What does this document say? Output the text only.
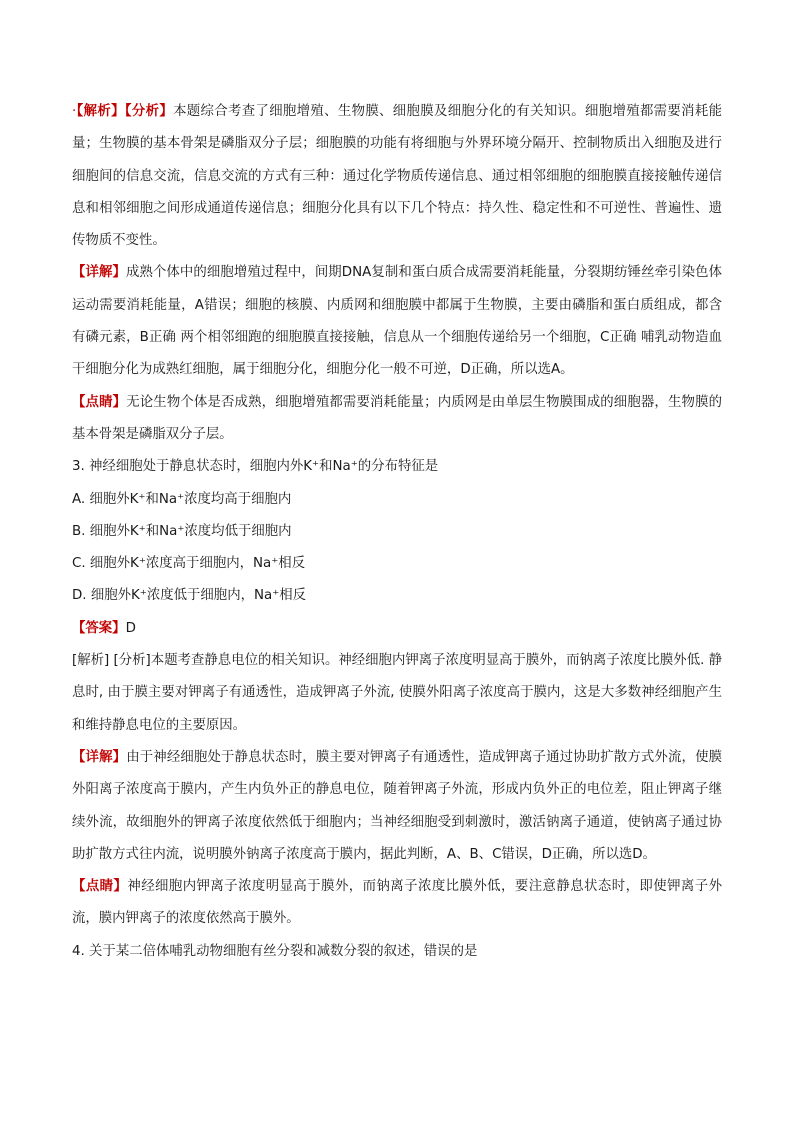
·【解析】【分析】本题综合考查了细胞增殖、生物膜、细胞膜及细胞分化的有关知识。细胞增殖都需要消耗能量；生物膜的基本骨架是磷脂双分子层；细胞膜的功能有将细胞与外界环境分隔开、控制物质出入细胞及进行细胞间的信息交流，信息交流的方式有三种：通过化学物质传递信息、通过相邻细胞的细胞膜直接接触传递信息和相邻细胞之间形成通道传递信息；细胞分化具有以下几个特点：持久性、稳定性和不可逆性、普遍性、遗传物质不变性。

【详解】成熟个体中的细胞增殖过程中，间期DNA复制和蛋白质合成需要消耗能量，分裂期纺锤丝牵引染色体运动需要消耗能量，A错误；细胞的核膜、内质网和细胞膜中都属于生物膜，主要由磷脂和蛋白质组成，都含有磷元素，B正确 两个相邻细跑的细胞膜直接接触，信息从一个细胞传递给另一个细胞，C正确 哺乳动物造血干细胞分化为成熟红细胞，属于细胞分化，细胞分化一般不可逆，D正确，所以选A。

【点睛】无论生物个体是否成熟，细胞增殖都需要消耗能量；内质网是由单层生物膜围成的细胞器，生物膜的基本骨架是磷脂双分子层。

3. 神经细胞处于静息状态时，细胞内外K⁺和Na⁺的分布特征是

A. 细胞外K⁺和Na⁺浓度均高于细胞内

B. 细胞外K⁺和Na⁺浓度均低于细胞内

C. 细胞外K⁺浓度高于细胞内，Na⁺相反

D. 细胞外K⁺浓度低于细胞内，Na⁺相反

【答案】D

[解析] [分析]本题考查静息电位的相关知识。神经细胞内钾离子浓度明显高于膜外，而钠离子浓度比膜外低. 静息时, 由于膜主要对钾离子有通透性，造成钾离子外流, 使膜外阳离子浓度高于膜内，这是大多数神经细胞产生和维持静息电位的主要原因。

【详解】由于神经细胞处于静息状态时，膜主要对钾离子有通透性，造成钾离子通过协助扩散方式外流，使膜外阳离子浓度高于膜内，产生内负外正的静息电位，随着钾离子外流，形成内负外正的电位差，阻止钾离子继续外流，故细胞外的钾离子浓度依然低于细胞内；当神经细胞受到刺激时，激活钠离子通道，使钠离子通过协助扩散方式往内流，说明膜外钠离子浓度高于膜内，据此判断，A、B、C错误，D正确，所以选D。

【点睛】神经细胞内钾离子浓度明显高于膜外，而钠离子浓度比膜外低，要注意静息状态时，即使钾离子外流，膜内钾离子的浓度依然高于膜外。

4. 关于某二倍体哺乳动物细胞有丝分裂和减数分裂的叙述，错误的是
